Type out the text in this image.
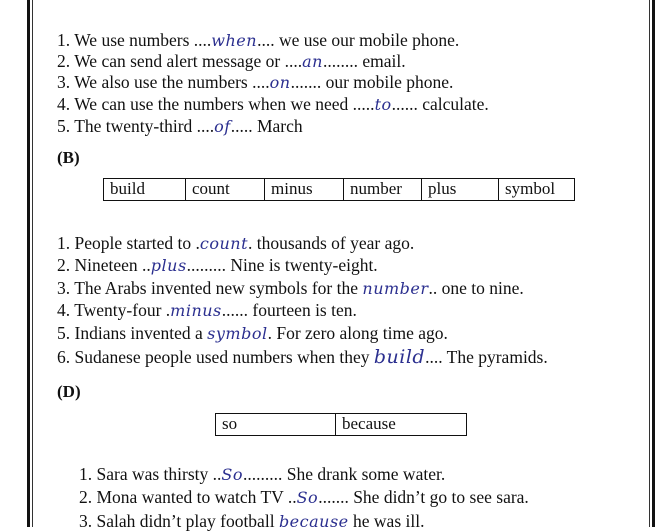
1. We use numbers ....when.... we use our mobile phone.
2. We can send alert message or ....an........ email.
3. We also use the numbers ....on....... our mobile phone.
4. We can use the numbers when we need .....to...... calculate.
5. The twenty-third ....of..... March
(B)
build	count	minus	number	plus	symbol
1. People started to .count. thousands of year ago.
2. Nineteen ..plus......... Nine is twenty-eight.
3. The Arabs invented new symbols for the number.. one to nine.
4. Twenty-four .minus...... fourteen is ten.
5. Indians invented a symbol. For zero along time ago.
6. Sudanese people used numbers when they build.... The pyramids.
(D)
so	because
1. Sara was thirsty ..So......... She drank some water.
2. Mona wanted to watch TV ..So....... She didn’t go to see sara.
3. Salah didn’t play football because he was ill.
